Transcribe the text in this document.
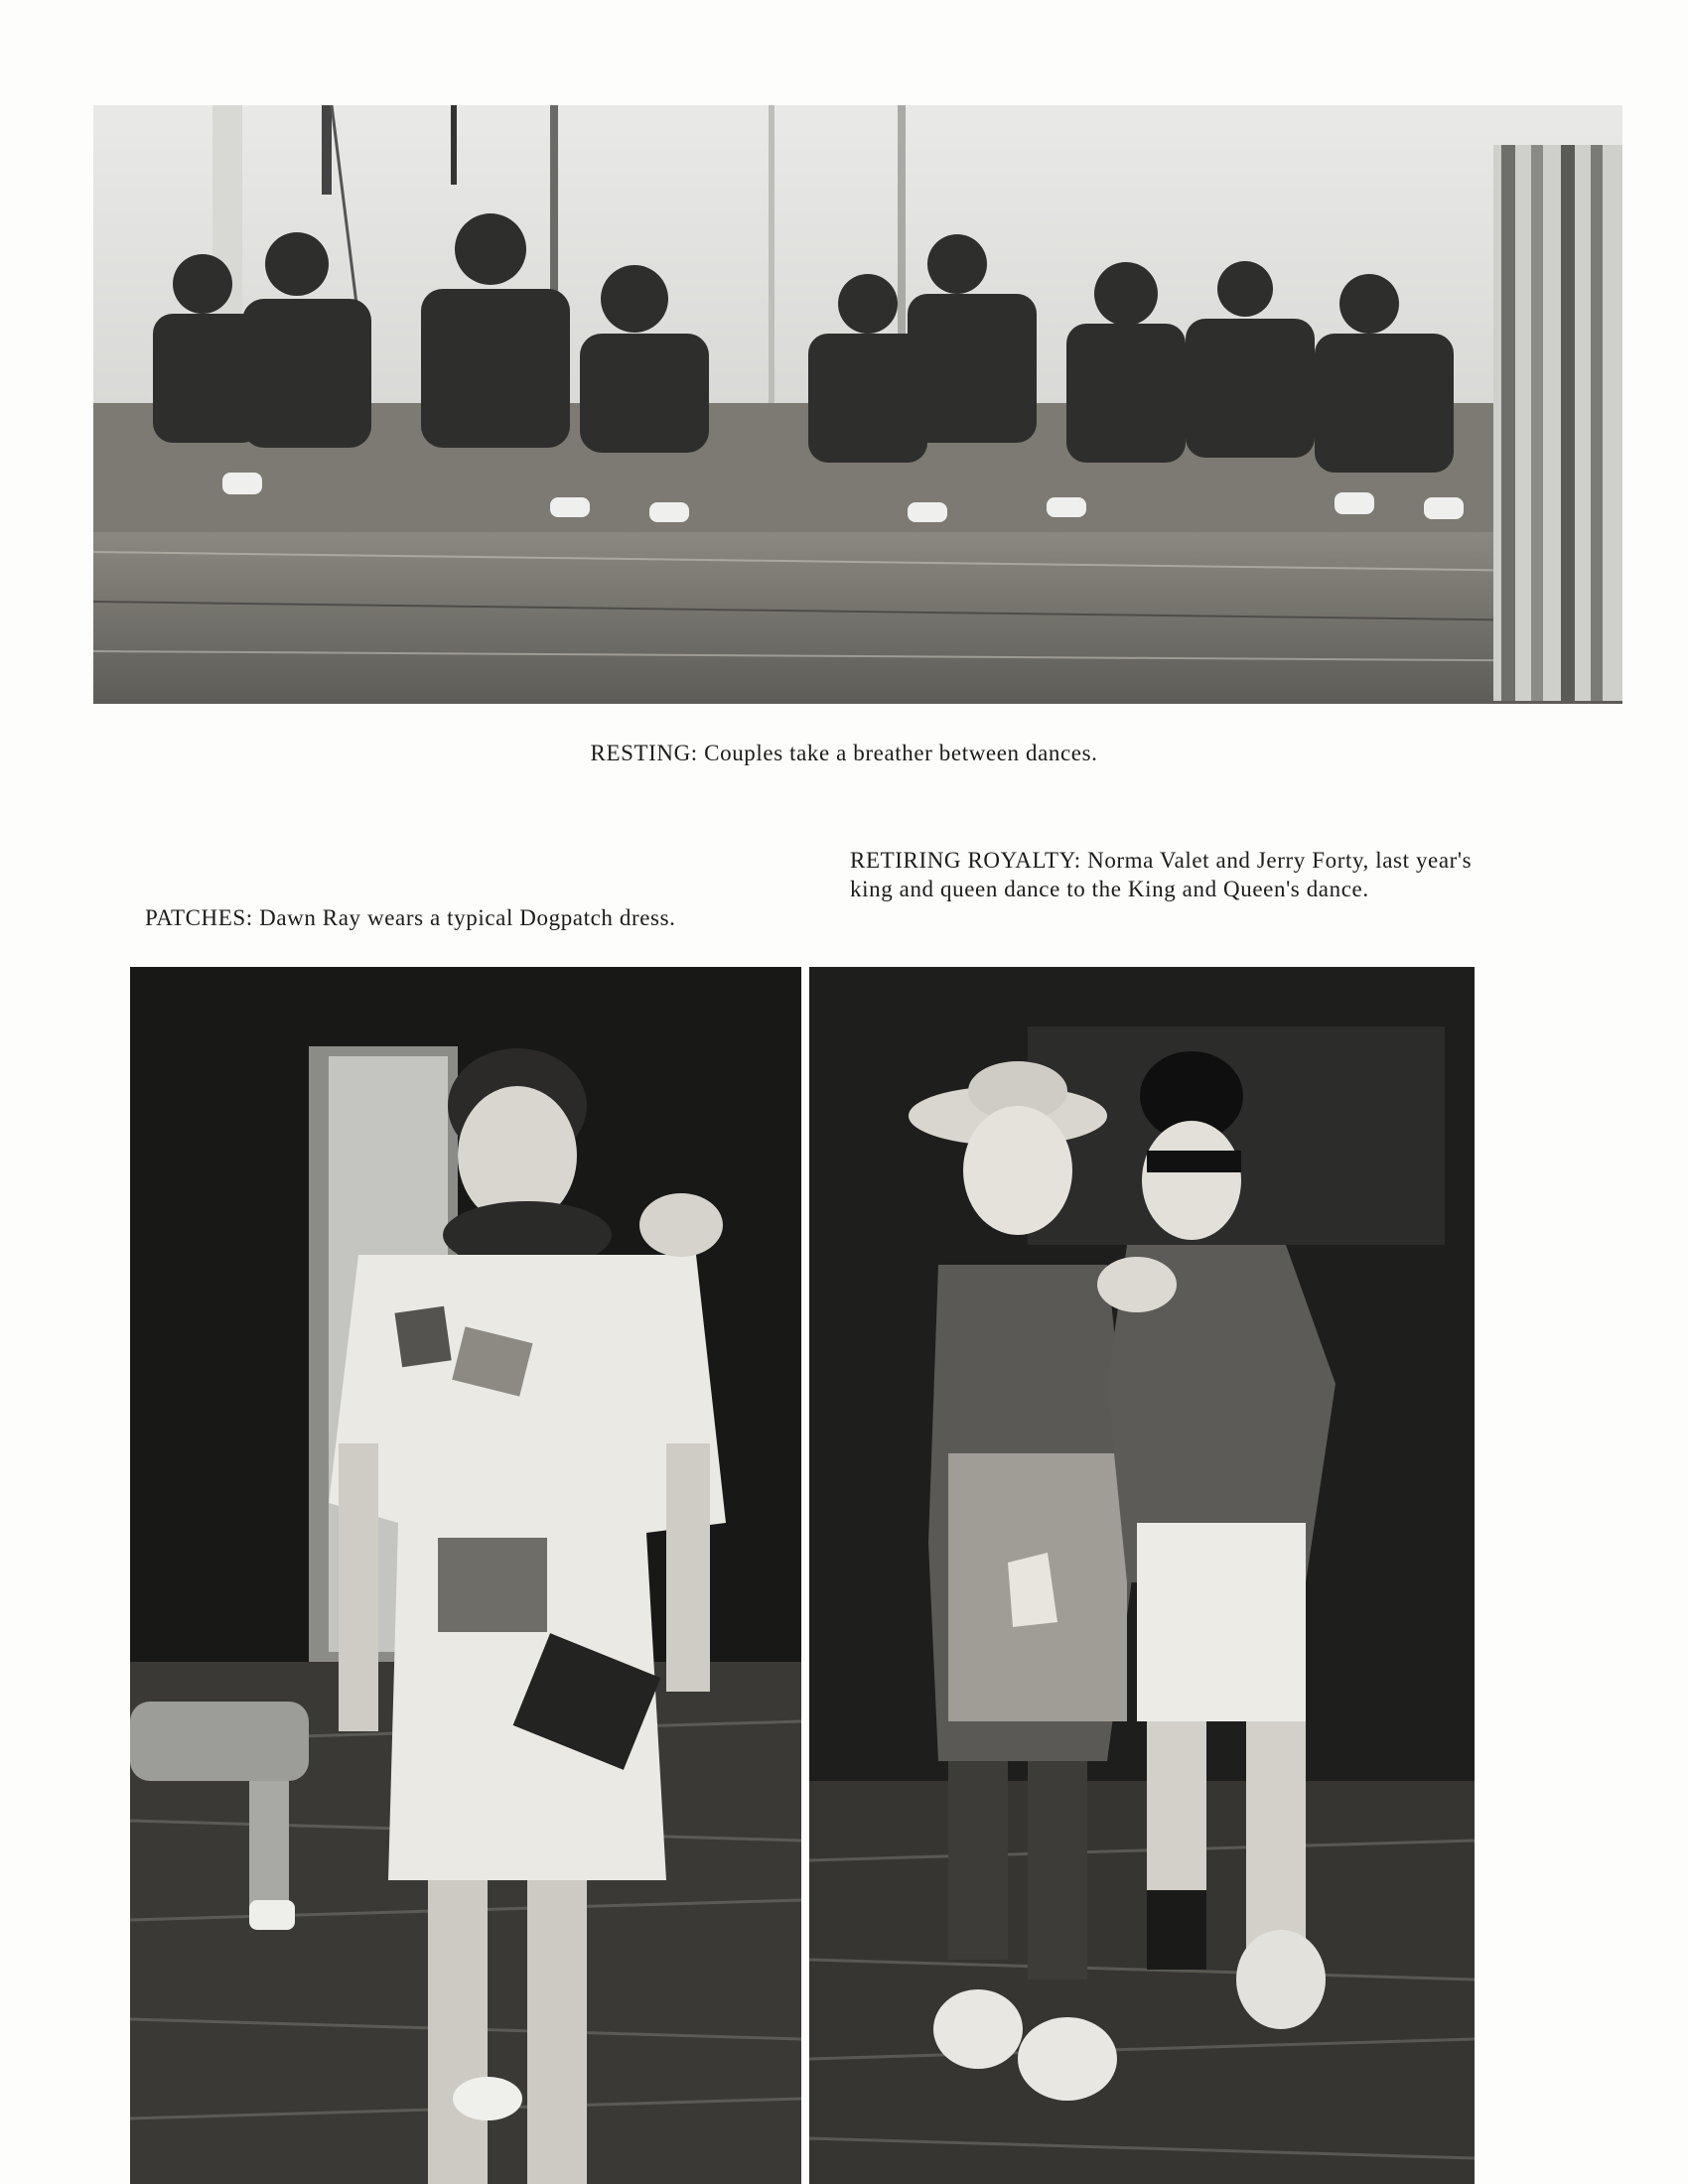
RESTING: Couples take a breather between dances.
RETIRING ROYALTY: Norma Valet and Jerry Forty, last year's king and queen dance to the King and Queen's dance.
PATCHES: Dawn Ray wears a typical Dogpatch dress.
